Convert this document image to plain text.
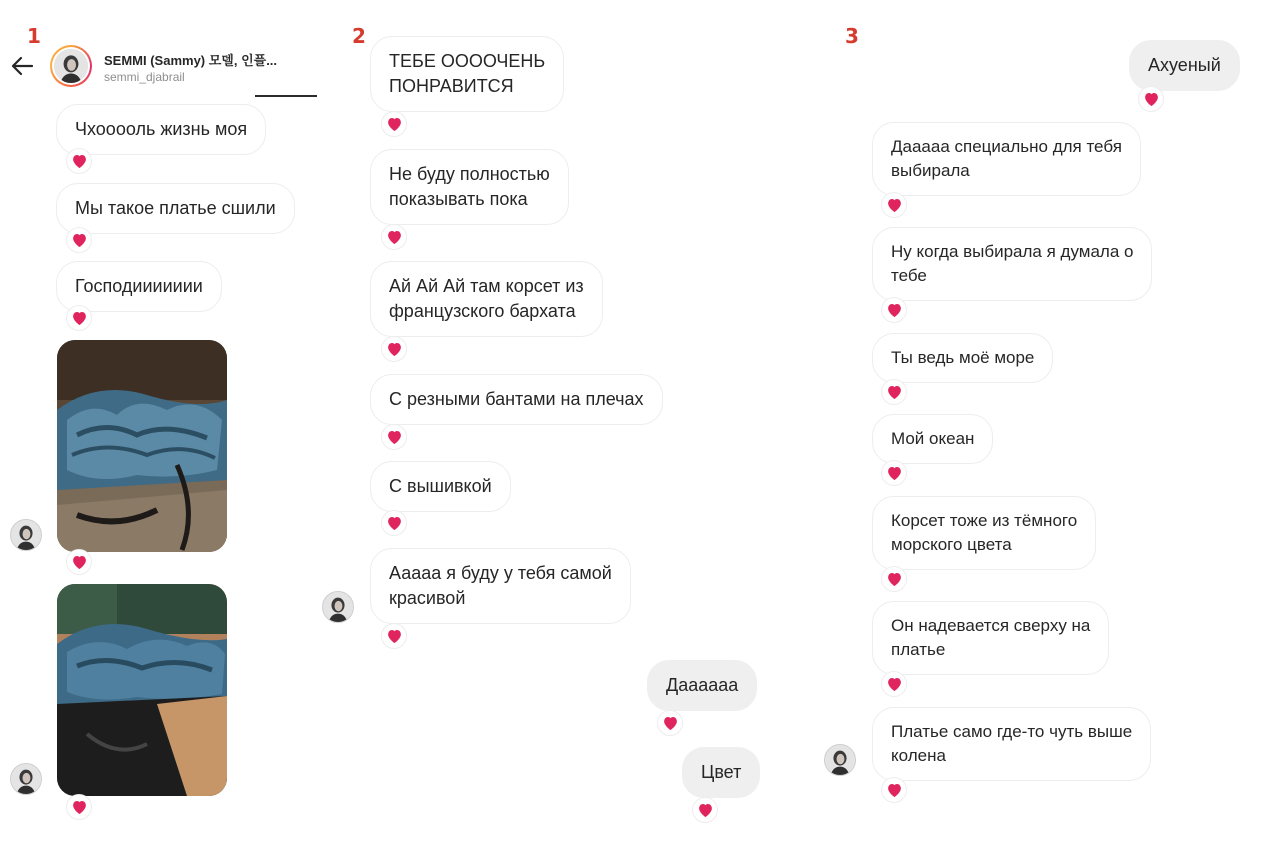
1	2	3
SEMMI (Sammy) 모델, 인플...
semmi_djabrail
Чхооооль жизнь моя
Мы такое платье сшили
Господиииииии
ТЕБЕ ООООЧЕНЬ
ПОНРАВИТСЯ
Не буду полностью
показывать пока
Ай Ай Ай там корсет из
французского бархата
С резными бантами на плечах
С вышивкой
Ааааа я буду у тебя самой
красивой
Даааааа
Цвет
Ахуеный
Дааааа специально для тебя
выбирала
Ну когда выбирала я думала о
тебе
Ты ведь моё море
Мой океан
Корсет тоже из тёмного
морского цвета
Он надевается сверху на
платье
Платье само где-то чуть выше
колена
